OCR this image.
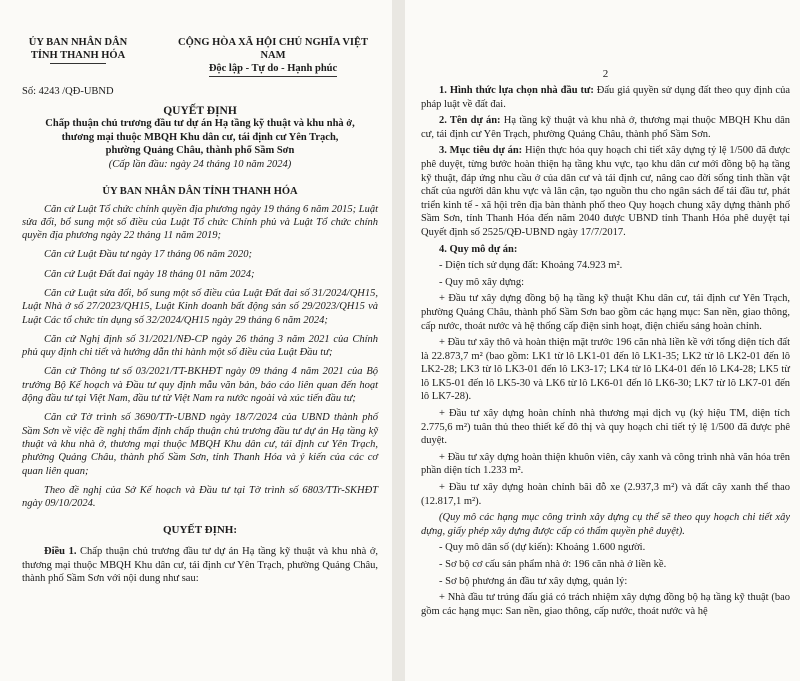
ỦY BAN NHÂN DÂN

TỈNH THANH HÓA

CỘNG HÒA XÃ HỘI CHỦ NGHĨA VIỆT NAM

Độc lập - Tự do - Hạnh phúc

Số: 4243 /QĐ-UBND

QUYẾT ĐỊNH

Chấp thuận chủ trương đầu tư dự án Hạ tầng kỹ thuật và khu nhà ở,

thương mại thuộc MBQH Khu dân cư, tái định cư Yên Trạch,

phường Quảng Châu, thành phố Sầm Sơn

(Cấp lần đầu: ngày 24 tháng 10 năm 2024)

ỦY BAN NHÂN DÂN TỈNH THANH HÓA

Căn cứ Luật Tổ chức chính quyền địa phương ngày 19 tháng 6 năm 2015; Luật sửa đổi, bổ sung một số điều của Luật Tổ chức Chính phủ và Luật Tổ chức chính quyền địa phương ngày 22 tháng 11 năm 2019;

Căn cứ Luật Đầu tư ngày 17 tháng 06 năm 2020;

Căn cứ Luật Đất đai ngày 18 tháng 01 năm 2024;

Căn cứ Luật sửa đổi, bổ sung một số điều của Luật Đất đai số 31/2024/QH15, Luật Nhà ở số 27/2023/QH15, Luật Kinh doanh bất động sản số 29/2023/QH15 và Luật Các tổ chức tín dụng số 32/2024/QH15 ngày 29 tháng 6 năm 2024;

Căn cứ Nghị định số 31/2021/NĐ-CP ngày 26 tháng 3 năm 2021 của Chính phủ quy định chi tiết và hướng dẫn thi hành một số điều của Luật Đầu tư;

Căn cứ Thông tư số 03/2021/TT-BKHĐT ngày 09 tháng 4 năm 2021 của Bộ trưởng Bộ Kế hoạch và Đầu tư quy định mẫu văn bản, báo cáo liên quan đến hoạt động đầu tư tại Việt Nam, đầu tư từ Việt Nam ra nước ngoài và xúc tiến đầu tư;

Căn cứ Tờ trình số 3690/TTr-UBND ngày 18/7/2024 của UBND thành phố Sầm Sơn về việc đề nghị thẩm định chấp thuận chủ trương đầu tư dự án Hạ tầng kỹ thuật và khu nhà ở, thương mại thuộc MBQH Khu dân cư, tái định cư Yên Trạch, phường Quảng Châu, thành phố Sầm Sơn, tỉnh Thanh Hóa và ý kiến của các cơ quan liên quan;

Theo đề nghị của Sở Kế hoạch và Đầu tư tại Tờ trình số 6803/TTr-SKHĐT ngày 09/10/2024.

QUYẾT ĐỊNH:

Điều 1. Chấp thuận chủ trương đầu tư dự án Hạ tầng kỹ thuật và khu nhà ở, thương mại thuộc MBQH Khu dân cư, tái định cư Yên Trạch, phường Quảng Châu, thành phố Sầm Sơn với nội dung như sau:

2

1. Hình thức lựa chọn nhà đầu tư: Đấu giá quyền sử dụng đất theo quy định của pháp luật về đất đai.

2. Tên dự án: Hạ tầng kỹ thuật và khu nhà ở, thương mại thuộc MBQH Khu dân cư, tái định cư Yên Trạch, phường Quảng Châu, thành phố Sầm Sơn.

3. Mục tiêu dự án: Hiện thực hóa quy hoạch chi tiết xây dựng tỷ lệ 1/500 đã được phê duyệt, từng bước hoàn thiện hạ tầng khu vực, tạo khu dân cư mới đồng bộ hạ tầng kỹ thuật, đáp ứng nhu cầu ở của dân cư và tái định cư, nâng cao đời sống tinh thần vật chất của người dân khu vực và lân cận, tạo nguồn thu cho ngân sách để tái đầu tư, phát triển kinh tế - xã hội trên địa bàn thành phố theo Quy hoạch chung xây dựng thành phố Sầm Sơn, tỉnh Thanh Hóa đến năm 2040 được UBND tỉnh Thanh Hóa phê duyệt tại Quyết định số 2525/QĐ-UBND ngày 17/7/2017.

4. Quy mô dự án:

- Diện tích sử dụng đất: Khoảng 74.923 m².

- Quy mô xây dựng:

+ Đầu tư xây dựng đồng bộ hạ tầng kỹ thuật Khu dân cư, tái định cư Yên Trạch, phường Quảng Châu, thành phố Sầm Sơn bao gồm các hạng mục: San nền, giao thông, cấp nước, thoát nước và hệ thống cấp điện sinh hoạt, điện chiếu sáng hoàn chỉnh.

+ Đầu tư xây thô và hoàn thiện mặt trước 196 căn nhà liền kề với tổng diện tích đất là 22.873,7 m² (bao gồm: LK1 từ lô LK1-01 đến lô LK1-35; LK2 từ lô LK2-01 đến lô LK2-28; LK3 từ lô LK3-01 đến lô LK3-17; LK4 từ lô LK4-01 đến lô LK4-28; LK5 từ lô LK5-01 đến lô LK5-30 và LK6 từ lô LK6-01 đến lô LK6-30; LK7 từ lô LK7-01 đến lô LK7-28).

+ Đầu tư xây dựng hoàn chỉnh nhà thương mại dịch vụ (ký hiệu TM, diện tích 2.775,6 m²) tuân thủ theo thiết kế đô thị và quy hoạch chi tiết tỷ lệ 1/500 đã được phê duyệt.

+ Đầu tư xây dựng hoàn thiện khuôn viên, cây xanh và công trình nhà văn hóa trên phần diện tích 1.233 m².

+ Đầu tư xây dựng hoàn chỉnh bãi đỗ xe (2.937,3 m²) và đất cây xanh thể thao (12.817,1 m²).

(Quy mô các hạng mục công trình xây dựng cụ thể sẽ theo quy hoạch chi tiết xây dựng, giấy phép xây dựng được cấp có thẩm quyền phê duyệt).

- Quy mô dân số (dự kiến): Khoảng 1.600 người.

- Sơ bộ cơ cấu sản phẩm nhà ở: 196 căn nhà ở liền kề.

- Sơ bộ phương án đầu tư xây dựng, quản lý:

+ Nhà đầu tư trúng đấu giá có trách nhiệm xây dựng đồng bộ hạ tầng kỹ thuật (bao gồm các hạng mục: San nền, giao thông, cấp nước, thoát nước và hệ
